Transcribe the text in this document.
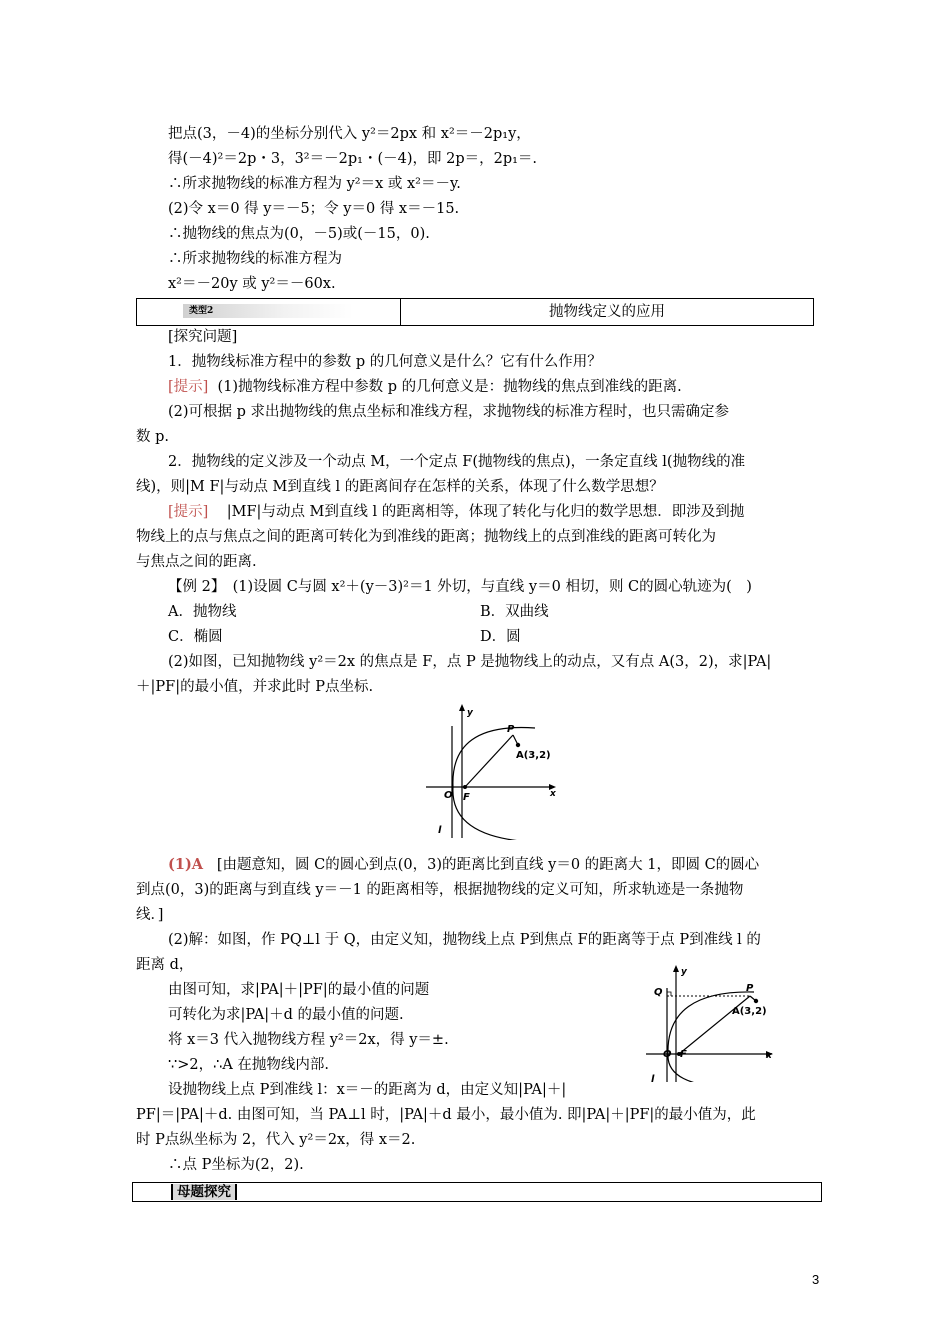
把点(3，－4)的坐标分别代入 y²＝2px 和 x²＝－2p₁y，
得(－4)²＝2p・3，3²＝－2p₁・(－4)，即 2p＝，2p₁＝.
∴所求抛物线的标准方程为 y²＝x 或 x²＝－y.
(2)令 x＝0 得 y＝－5；令 y＝0 得 x＝－15.
∴抛物线的焦点为(0，－5)或(－15，0).
∴所求抛物线的标准方程为
x²＝－20y 或 y²＝－60x.
类型2	抛物线定义的应用
[探究问题]
1．抛物线标准方程中的参数 p 的几何意义是什么？它有什么作用？
[提示] (1)抛物线标准方程中参数 p 的几何意义是：抛物线的焦点到准线的距离.
(2)可根据 p 求出抛物线的焦点坐标和准线方程，求抛物线的标准方程时，也只需确定参
数 p.
2．抛物线的定义涉及一个动点 M，一个定点 F(抛物线的焦点)，一条定直线 l(抛物线的准
线)，则|M F|与动点 M到直线 l 的距离间存在怎样的关系，体现了什么数学思想？
[提示] |MF|与动点 M到直线 l 的距离相等，体现了转化与化归的数学思想．即涉及到抛
物线上的点与焦点之间的距离可转化为到准线的距离；抛物线上的点到准线的距离可转化为
与焦点之间的距离.
【例 2】　(1)设圆 C与圆 x²＋(y－3)²＝1 外切，与直线 y＝0 相切，则 C的圆心轨迹为(　)
A．抛物线	B．双曲线
C．椭圆	D．圆
(2)如图，已知抛物线 y²＝2x 的焦点是 F，点 P 是抛物线上的动点，又有点 A(3，2)，求|PA|
＋|PF|的最小值，并求此时 P点坐标.
y
P
A(3,2)
O F	x
l
(1)A [由题意知，圆 C的圆心到点(0，3)的距离比到直线 y＝0 的距离大 1，即圆 C的圆心
到点(0，3)的距离与到直线 y＝－1 的距离相等，根据抛物线的定义可知，所求轨迹是一条抛物
线．]
(2)解：如图，作 PQ⊥l 于 Q，由定义知，抛物线上点 P到焦点 F的距离等于点 P到准线 l 的
距离 d，
由图可知，求|PA|＋|PF|的最小值的问题
可转化为求|PA|＋d 的最小值的问题.
将 x＝3 代入抛物线方程 y²＝2x，得 y＝±.
∵>2，∴A 在抛物线内部.
设抛物线上点 P到准线 l：x＝－的距离为 d，由定义知|PA|＋|
PF|＝|PA|＋d. 由图可知，当 PA⊥l 时，|PA|＋d 最小，最小值为. 即|PA|＋|PF|的最小值为，此
时 P点纵坐标为 2，代入 y²＝2x，得 x＝2.
∴点 P坐标为(2，2).
y
Q	P
A(3,2)
O F	x
l
母题探究
3
